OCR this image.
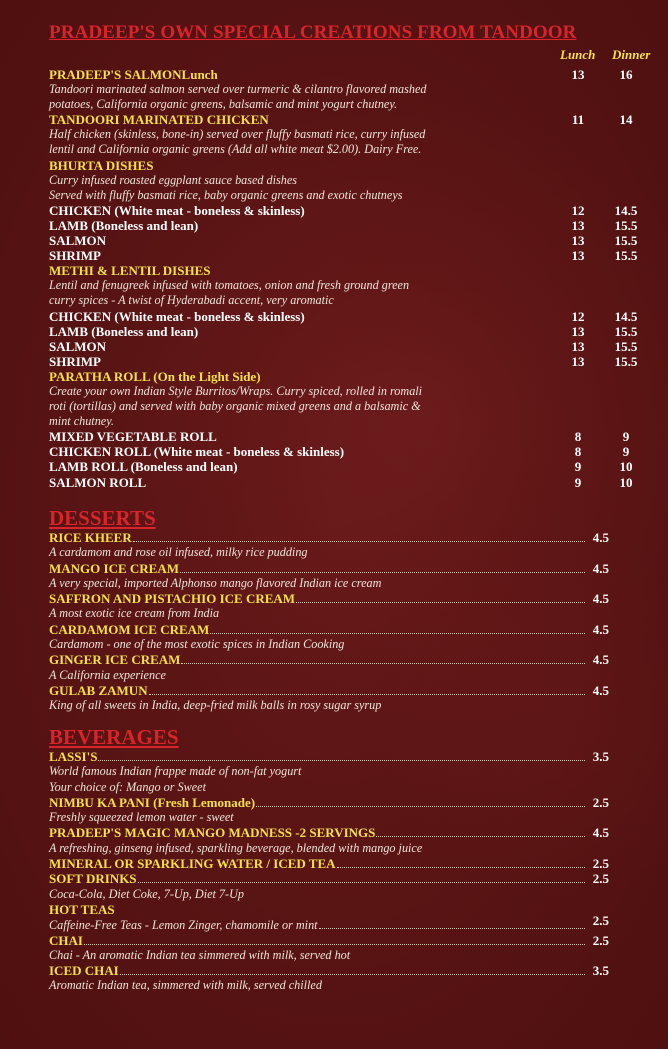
PRADEEP'S OWN SPECIAL CREATIONS FROM TANDOOR
Lunch Dinner
PRADEEP'S SALMONLunch	13	16
Tandoori marinated salmon served over turmeric & cilantro flavored mashed
potatoes, California organic greens, balsamic and mint yogurt chutney.
TANDOORI MARINATED CHICKEN	11	14
Half chicken (skinless, bone-in) served over fluffy basmati rice, curry infused
lentil and California organic greens (Add all white meat $2.00). Dairy Free.
BHURTA DISHES
Curry infused roasted eggplant sauce based dishes
Served with fluffy basmati rice, baby organic greens and exotic chutneys
CHICKEN (White meat - boneless & skinless)	12	14.5
LAMB (Boneless and lean)	13	15.5
SALMON	13	15.5
SHRIMP	13	15.5
METHI & LENTIL DISHES
Lentil and fenugreek infused with tomatoes, onion and fresh ground green
curry spices - A twist of Hyderabadi accent, very aromatic
CHICKEN (White meat - boneless & skinless)	12	14.5
LAMB (Boneless and lean)	13	15.5
SALMON	13	15.5
SHRIMP	13	15.5
PARATHA ROLL (On the Light Side)
Create your own Indian Style Burritos/Wraps. Curry spiced, rolled in romali
roti (tortillas) and served with baby organic mixed greens and a balsamic &
mint chutney.
MIXED VEGETABLE ROLL	8	9
CHICKEN ROLL (White meat - boneless & skinless)	8	9
LAMB ROLL (Boneless and lean)	9	10
SALMON ROLL	9	10
DESSERTS
RICE KHEER	4.5
A cardamom and rose oil infused, milky rice pudding
MANGO ICE CREAM	4.5
A very special, imported Alphonso mango flavored Indian ice cream
SAFFRON AND PISTACHIO ICE CREAM	4.5
A most exotic ice cream from India
CARDAMOM ICE CREAM	4.5
Cardamom - one of the most exotic spices in Indian Cooking
GINGER ICE CREAM	4.5
A California experience
GULAB ZAMUN	4.5
King of all sweets in India, deep-fried milk balls in rosy sugar syrup
BEVERAGES
LASSI'S	3.5
World famous Indian frappe made of non-fat yogurt
Your choice of: Mango or Sweet
NIMBU KA PANI (Fresh Lemonade)	2.5
Freshly squeezed lemon water - sweet
PRADEEP'S MAGIC MANGO MADNESS -2 SERVINGS	4.5
A refreshing, ginseng infused, sparkling beverage, blended with mango juice
MINERAL OR SPARKLING WATER / ICED TEA	2.5
SOFT DRINKS	2.5
Coca-Cola, Diet Coke, 7-Up, Diet 7-Up
HOT TEAS
Caffeine-Free Teas - Lemon Zinger, chamomile or mint	2.5
CHAI	2.5
Chai - An aromatic Indian tea simmered with milk, served hot
ICED CHAI	3.5
Aromatic Indian tea, simmered with milk, served chilled
